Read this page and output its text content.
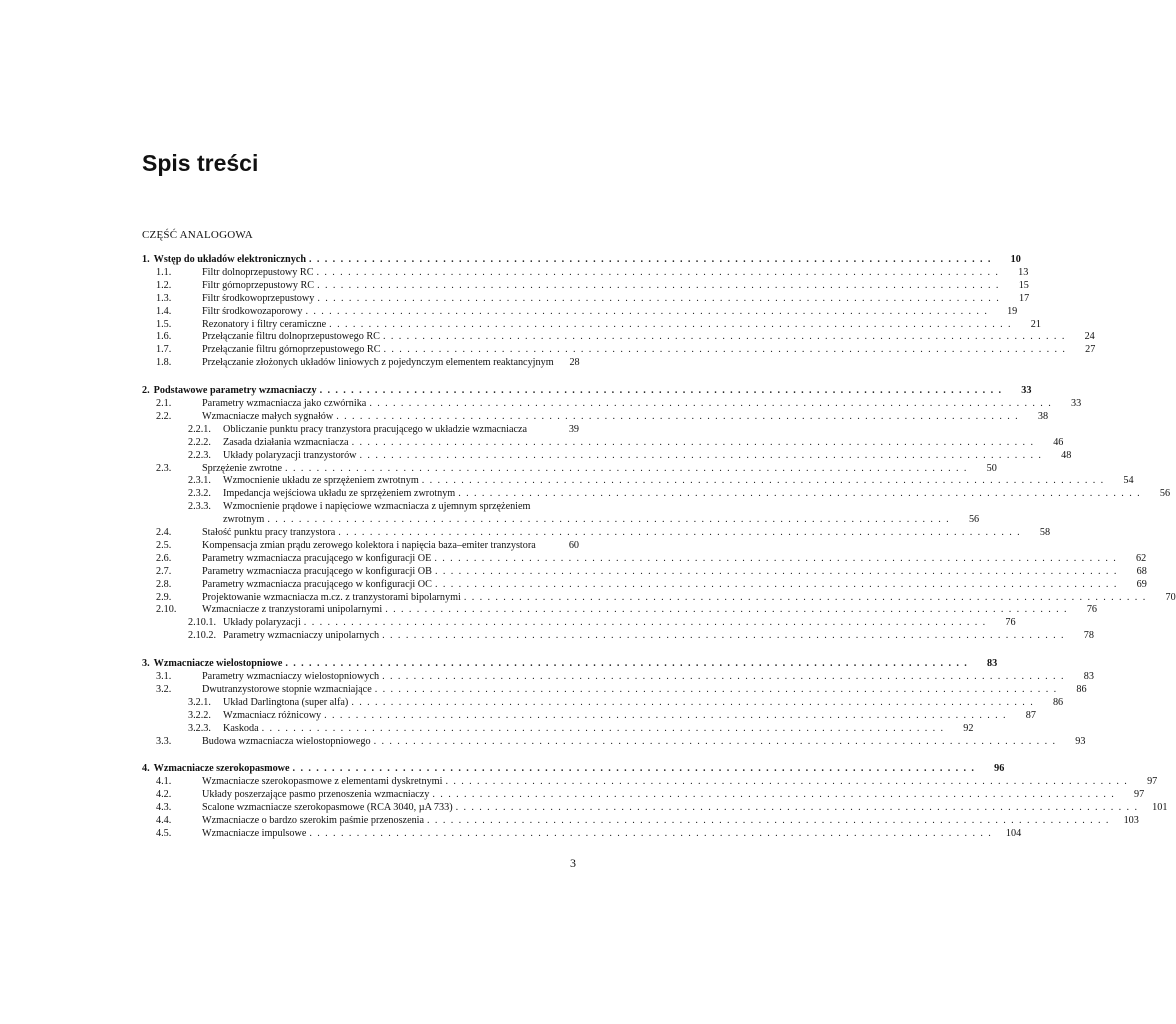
Spis treści
CZĘŚĆ ANALOGOWA
1. Wstęp do układów elektronicznych . . .	10
1.1.	Filtr dolnoprzepustowy RC . . .	13
1.2.	Filtr górnoprzepustowy RC . . .	15
1.3.	Filtr środkowoprzepustowy . . .	17
1.4.	Filtr środkowozaporowy . . .	19
1.5.	Rezonatory i filtry ceramiczne . . .	21
1.6.	Przełączanie filtru dolnoprzepustowego RC . . .	24
1.7.	Przełączanie filtru górnoprzepustowego RC . . .	27
1.8.	Przełączanie złożonych układów liniowych z pojedynczym elementem reaktancyjnym	28
2. Podstawowe parametry wzmacniaczy . . .	33
2.1.	Parametry wzmacniacza jako czwórnika . . .	33
2.2.	Wzmacniacze małych sygnałów . . .	38
2.2.1.	Obliczanie punktu pracy tranzystora pracującego w układzie wzmacniacza	39
2.2.2.	Zasada działania wzmacniacza . . .	46
2.2.3.	Układy polaryzacji tranzystorów . . .	48
2.3.	Sprzężenie zwrotne . . .	50
2.3.1.	Wzmocnienie układu ze sprzężeniem zwrotnym . . .	54
2.3.2.	Impedancja wejściowa układu ze sprzężeniem zwrotnym . . .	56
2.3.3.	Wzmocnienie prądowe i napięciowe wzmacniacza z ujemnym sprzężeniem
zwrotnym . . .	56
2.4.	Stałość punktu pracy tranzystora . . .	58
2.5.	Kompensacja zmian prądu zerowego kolektora i napięcia baza–emiter tranzystora	60
2.6.	Parametry wzmacniacza pracującego w konfiguracji OE . . .	62
2.7.	Parametry wzmacniacza pracującego w konfiguracji OB . . .	68
2.8.	Parametry wzmacniacza pracującego w konfiguracji OC . . .	69
2.9.	Projektowanie wzmacniacza m.cz. z tranzystorami bipolarnymi . . .	70
2.10.	Wzmacniacze z tranzystorami unipolarnymi . . .	76
2.10.1. Układy polaryzacji . . .	76
2.10.2. Parametry wzmacniaczy unipolarnych . . .	78
3. Wzmacniacze wielostopniowe . . .	83
3.1.	Parametry wzmacniaczy wielostopniowych . . .	83
3.2.	Dwutranzystorowe stopnie wzmacniające . . .	86
3.2.1.	Układ Darlingtona (super alfa) . . .	86
3.2.2.	Wzmacniacz różnicowy . . .	87
3.2.3.	Kaskoda . . .	92
3.3.	Budowa wzmacniacza wielostopniowego . . .	93
4. Wzmacniacze szerokopasmowe . . .	96
4.1.	Wzmacniacze szerokopasmowe z elementami dyskretnymi . . .	97
4.2.	Układy poszerzające pasmo przenoszenia wzmacniaczy . . .	97
4.3.	Scalone wzmacniacze szerokopasmowe (RCA 3040, µA 733) . . .	101
4.4.	Wzmacniacze o bardzo szerokim paśmie przenoszenia . . .	103
4.5.	Wzmacniacze impulsowe . . .	104
3
